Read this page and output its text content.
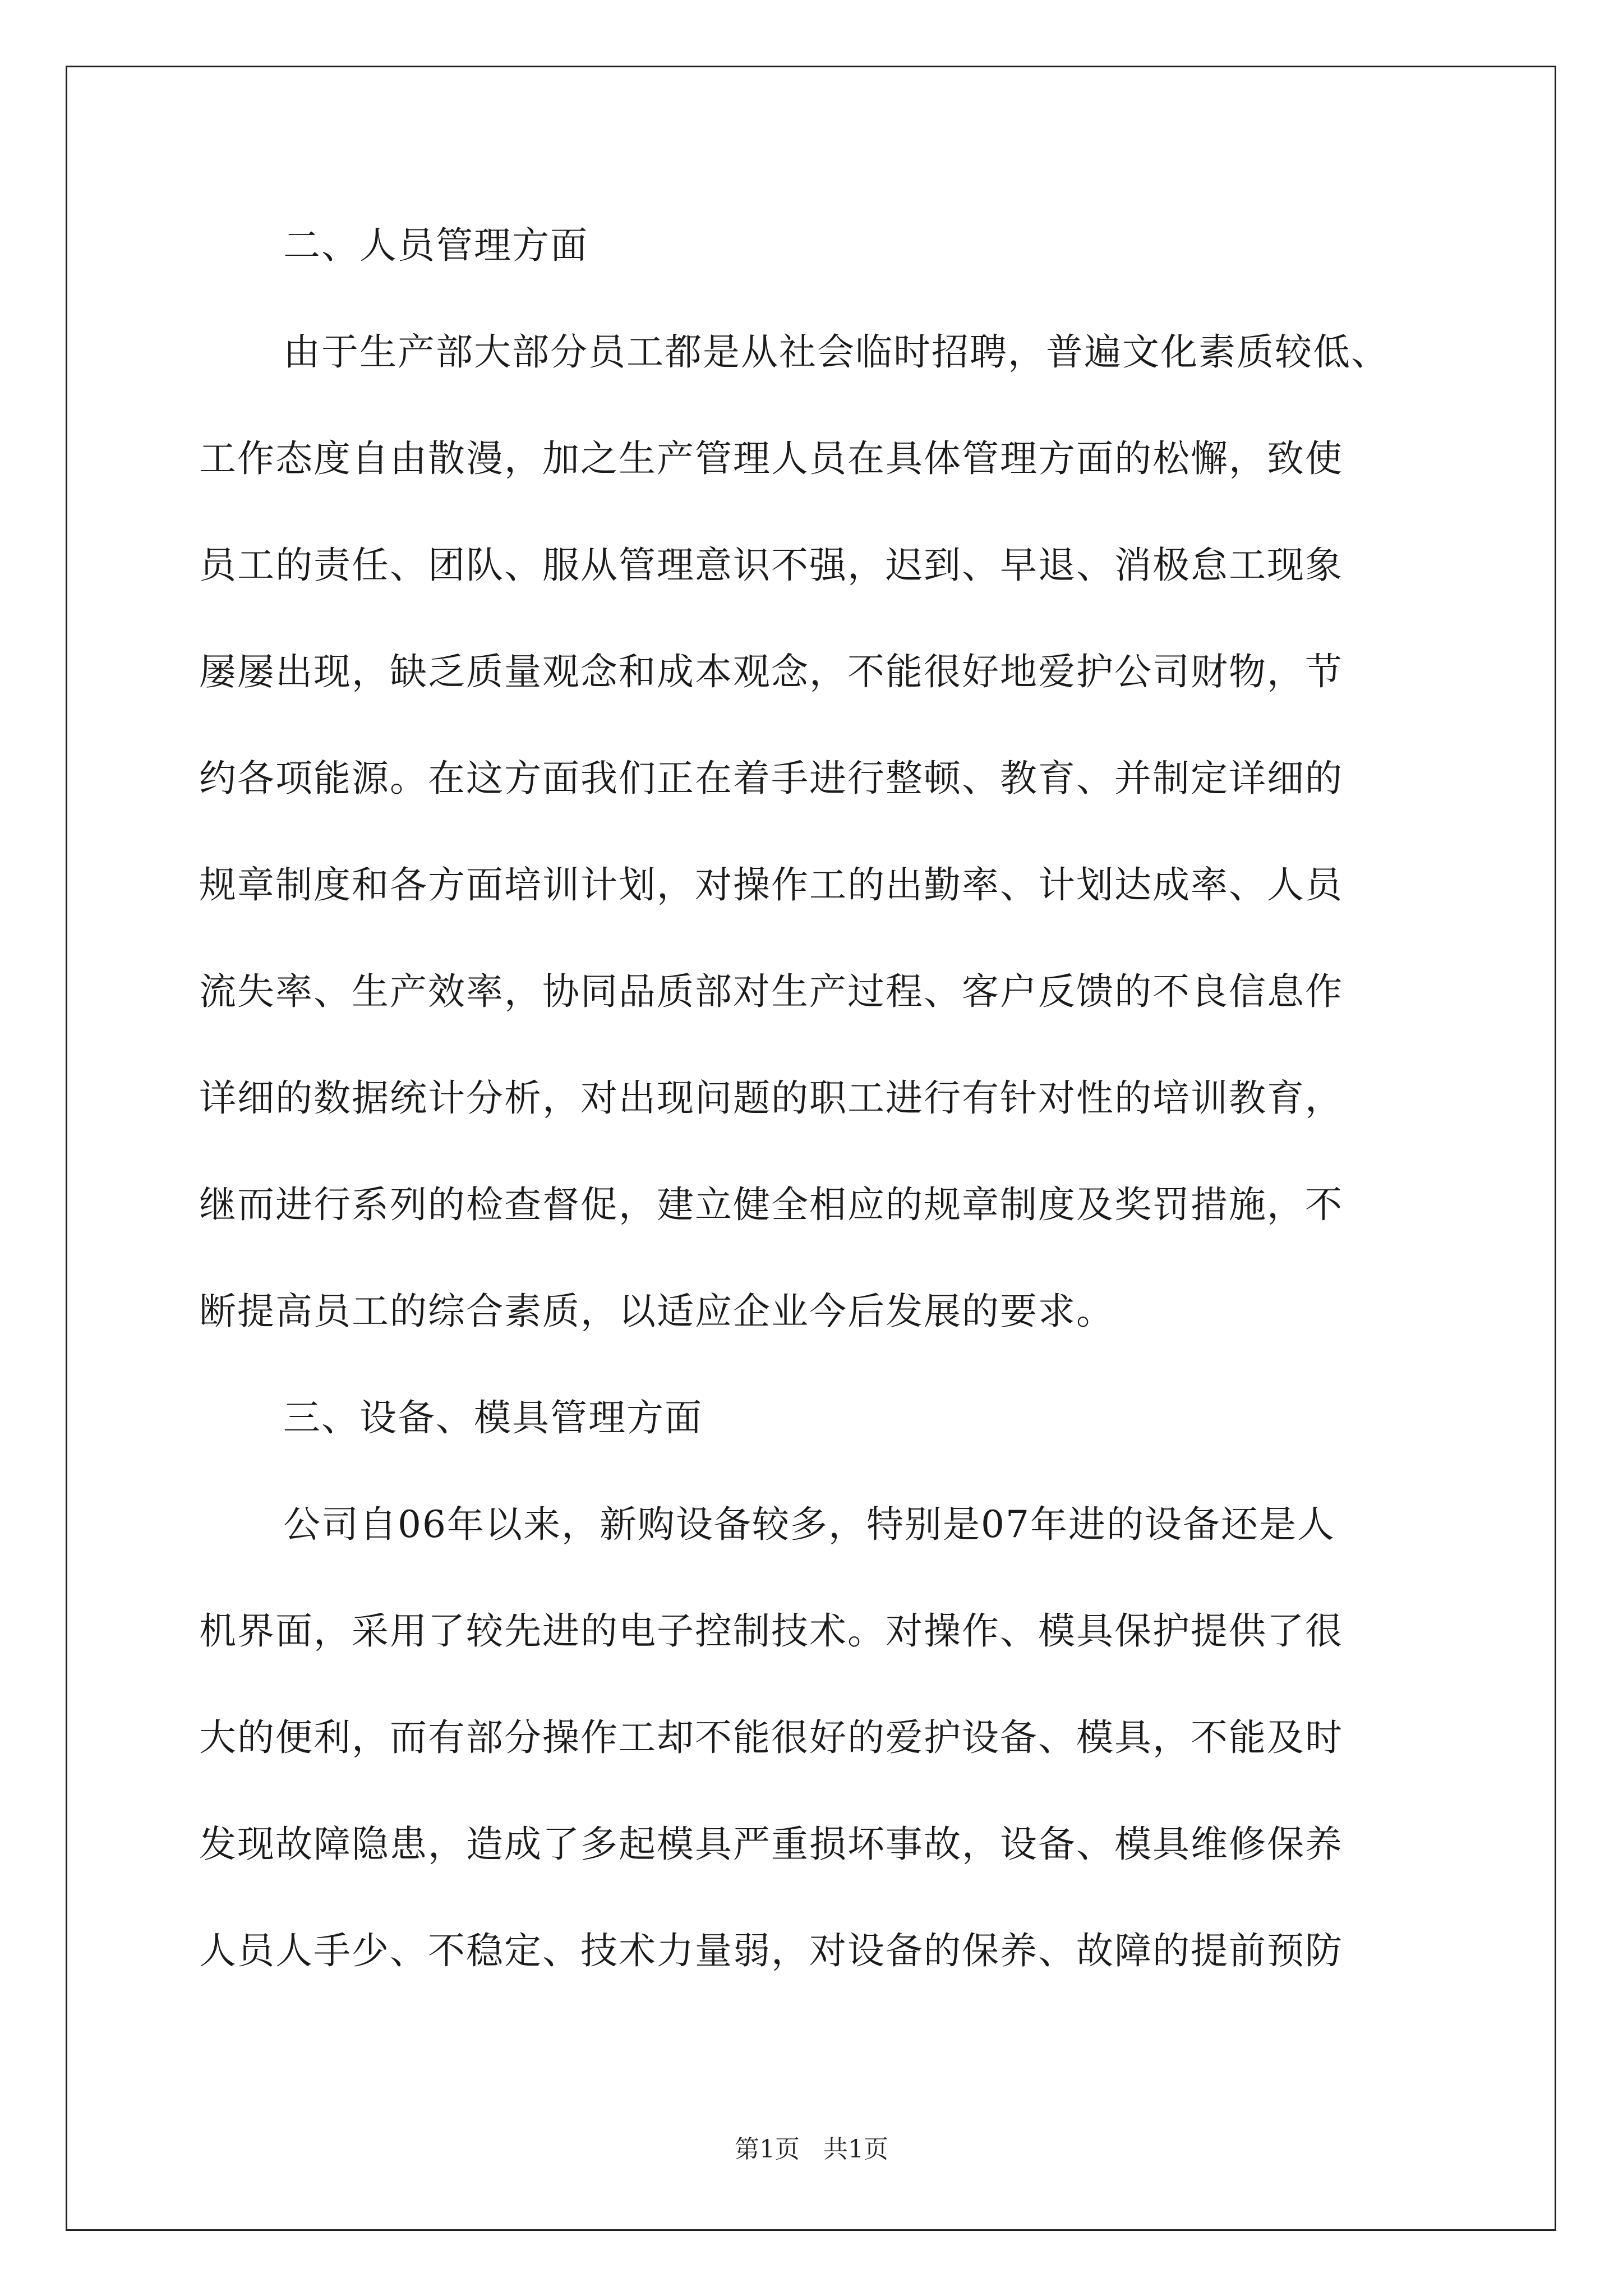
二、人员管理方面
由于生产部大部分员工都是从社会临时招聘，普遍文化素质较低、
工作态度自由散漫，加之生产管理人员在具体管理方面的松懈，致使
员工的责任、团队、服从管理意识不强，迟到、早退、消极怠工现象
屡屡出现，缺乏质量观念和成本观念，不能很好地爱护公司财物，节
约各项能源。在这方面我们正在着手进行整顿、教育、并制定详细的
规章制度和各方面培训计划，对操作工的出勤率、计划达成率、人员
流失率、生产效率，协同品质部对生产过程、客户反馈的不良信息作
详细的数据统计分析，对出现问题的职工进行有针对性的培训教育，
继而进行系列的检查督促，建立健全相应的规章制度及奖罚措施，不
断提高员工的综合素质，以适应企业今后发展的要求。
三、设备、模具管理方面
公司自06年以来，新购设备较多，特别是07年进的设备还是人
机界面，采用了较先进的电子控制技术。对操作、模具保护提供了很
大的便利，而有部分操作工却不能很好的爱护设备、模具，不能及时
发现故障隐患，造成了多起模具严重损坏事故，设备、模具维修保养
人员人手少、不稳定、技术力量弱，对设备的保养、故障的提前预防
第1页 共1页
